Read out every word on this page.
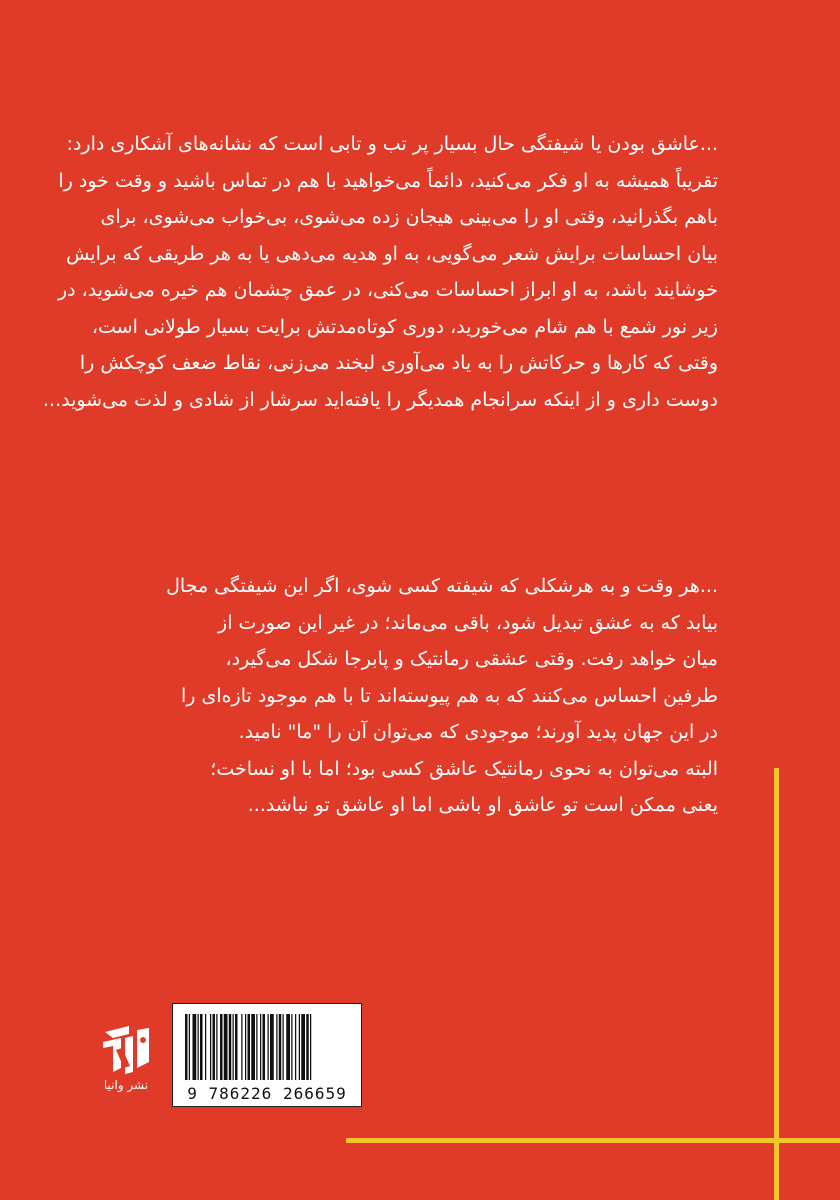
...عاشق بودن یا شیفتگی حال بسیار پر تب و تابی است که نشانه‌های آشکاری دارد:
تقریباً همیشه به او فکر می‌کنید، دائماً می‌خواهید با هم در تماس باشید و وقت خود را
باهم بگذرانید، وقتی او را می‌بینی هیجان زده می‌شوی، بی‌خواب می‌شوی، برای
بیان احساسات برایش شعر می‌گویی، به او هدیه می‌دهی یا به هر طریقی که برایش
خوشایند باشد، به او ابراز احساسات می‌کنی، در عمق چشمان هم خیره می‌شوید، در
زیر نور شمع با هم شام می‌خورید، دوری کوتاه‌مدتش برایت بسیار طولانی است،
وقتی که کارها و حرکاتش را به یاد می‌آوری لبخند می‌زنی، نقاط ضعف کوچکش را
دوست داری و از اینکه سرانجام همدیگر را یافته‌اید سرشار از شادی و لذت می‌شوید...
...هر وقت و به هرشکلی که شیفته کسی شوی، اگر این شیفتگی مجال
بیابد که به عشق تبدیل شود، باقی می‌ماند؛ در غیر این صورت از
میان خواهد رفت. وقتی عشقی رمانتیک و پابرجا شکل می‌گیرد،
طرفین احساس می‌کنند که به هم پیوسته‌اند تا با هم موجود تازه‌ای را
در این جهان پدید آورند؛ موجودی که می‌توان آن را "ما" نامید.
البته می‌توان به نحوی رمانتیک عاشق کسی بود؛ اما با او نساخت؛
یعنی ممکن است تو عاشق او باشی اما او عاشق تو نباشد...
9 786226 266659
نشر وانیا
